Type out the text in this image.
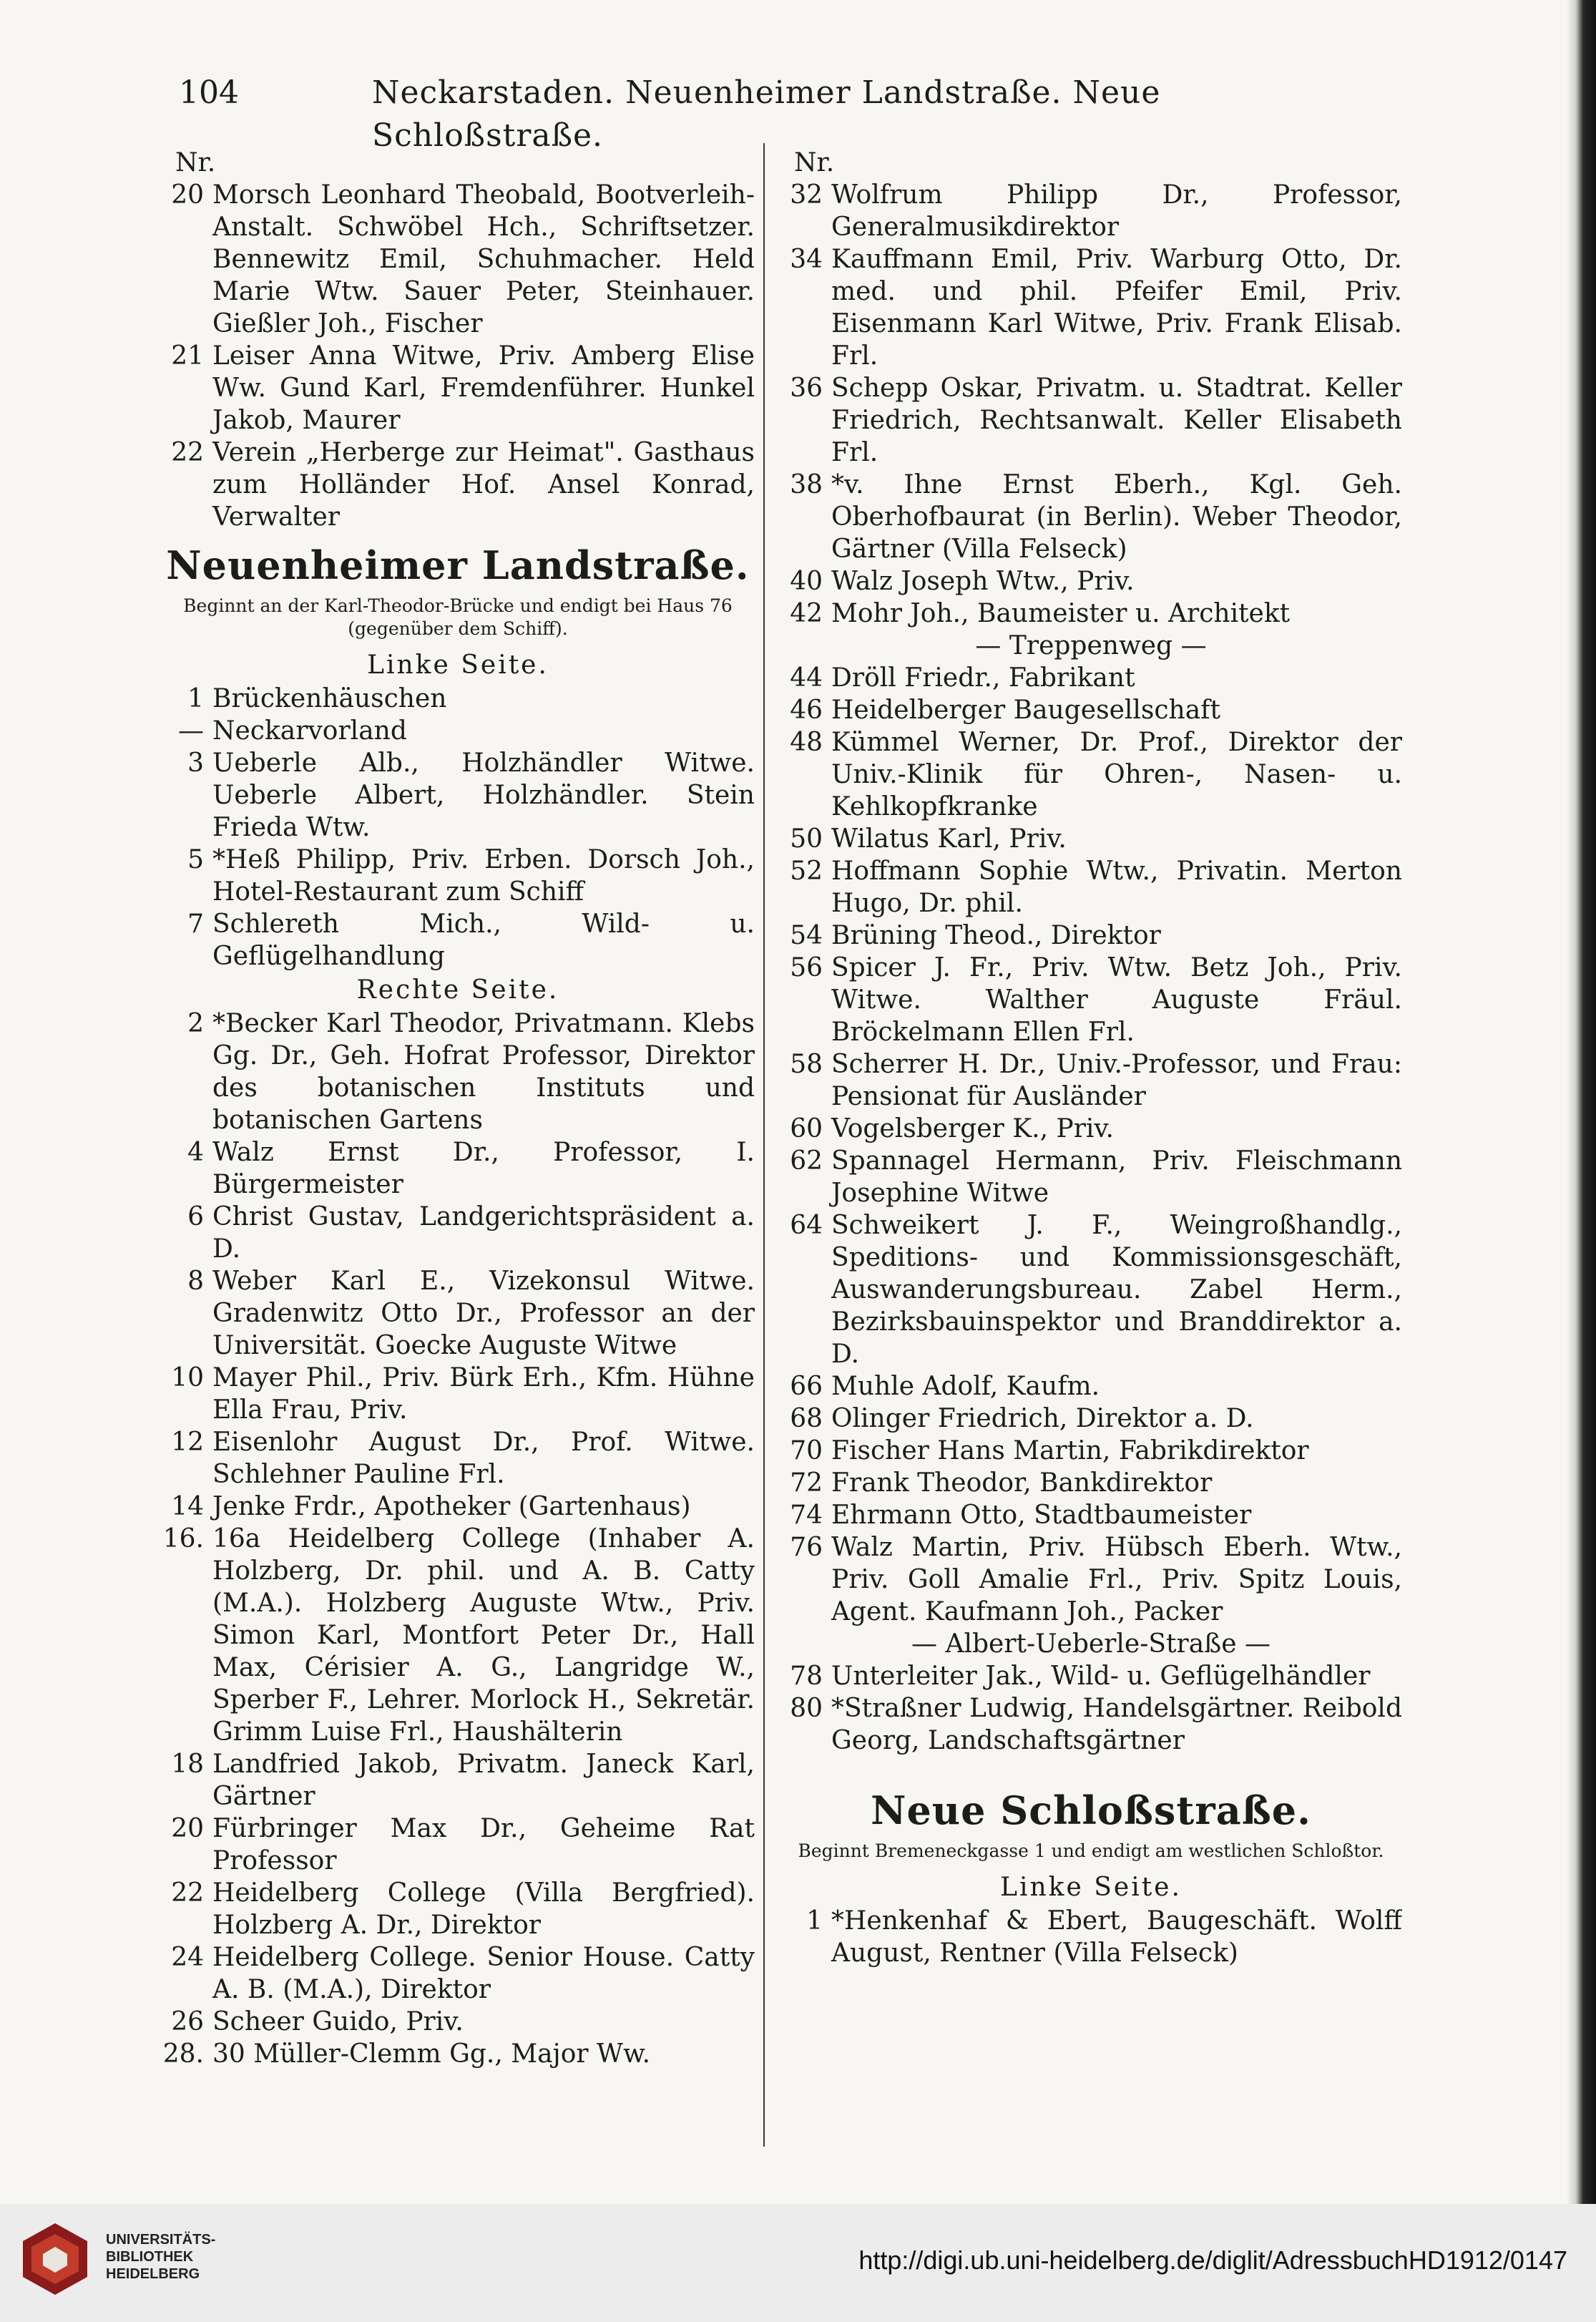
104	Neckarstaden. Neuenheimer Landstraße. Neue Schloßstraße.
Nr.
20 Morsch Leonhard Theobald, Bootverleih-Anstalt. Schwöbel Hch., Schriftsetzer. Bennewitz Emil, Schuhmacher. Held Marie Wtw. Sauer Peter, Steinhauer. Gießler Joh., Fischer
21 Leiser Anna Witwe, Priv. Amberg Elise Ww. Gund Karl, Fremdenführer. Hunkel Jakob, Maurer
22 Verein „Herberge zur Heimat". Gasthaus zum Holländer Hof. Ansel Konrad, Verwalter
Neuenheimer Landstraße.
Beginnt an der Karl-Theodor-Brücke und endigt bei Haus 76 (gegenüber dem Schiff).
Linke Seite.
1 Brückenhäuschen
— Neckarvorland
3 Ueberle Alb., Holzhändler Witwe. Ueberle Albert, Holzhändler. Stein Frieda Wtw.
5 *Heß Philipp, Priv. Erben. Dorsch Joh., Hotel-Restaurant zum Schiff
7 Schlereth Mich., Wild- u. Geflügelhandlung
Rechte Seite.
2 *Becker Karl Theodor, Privatmann. Klebs Gg. Dr., Geh. Hofrat Professor, Direktor des botanischen Instituts und botanischen Gartens
4 Walz Ernst Dr., Professor, I. Bürgermeister
6 Christ Gustav, Landgerichtspräsident a. D.
8 Weber Karl E., Vizekonsul Witwe. Gradenwitz Otto Dr., Professor an der Universität. Goecke Auguste Witwe
10 Mayer Phil., Priv. Bürk Erh., Kfm. Hühne Ella Frau, Priv.
12 Eisenlohr August Dr., Prof. Witwe. Schlehner Pauline Frl.
14 Jenke Frdr., Apotheker (Gartenhaus)
16. 16a Heidelberg College (Inhaber A. Holzberg, Dr. phil. und A. B. Catty (M.A.). Holzberg Auguste Wtw., Priv. Simon Karl, Montfort Peter Dr., Hall Max, Cérisier A. G., Langridge W., Sperber F., Lehrer. Morlock H., Sekretär. Grimm Luise Frl., Haushälterin
18 Landfried Jakob, Privatm. Janeck Karl, Gärtner
20 Fürbringer Max Dr., Geheime Rat Professor
22 Heidelberg College (Villa Bergfried). Holzberg A. Dr., Direktor
24 Heidelberg College. Senior House. Catty A. B. (M.A.), Direktor
26 Scheer Guido, Priv.
28. 30 Müller-Clemm Gg., Major Ww.
Nr.
32 Wolfrum Philipp Dr., Professor, Generalmusikdirektor
34 Kauffmann Emil, Priv. Warburg Otto, Dr. med. und phil. Pfeifer Emil, Priv. Eisenmann Karl Witwe, Priv. Frank Elisab. Frl.
36 Schepp Oskar, Privatm. u. Stadtrat. Keller Friedrich, Rechtsanwalt. Keller Elisabeth Frl.
38 *v. Ihne Ernst Eberh., Kgl. Geh. Oberhofbaurat (in Berlin). Weber Theodor, Gärtner (Villa Felseck)
40 Walz Joseph Wtw., Priv.
42 Mohr Joh., Baumeister u. Architekt
— Treppenweg —
44 Dröll Friedr., Fabrikant
46 Heidelberger Baugesellschaft
48 Kümmel Werner, Dr. Prof., Direktor der Univ.-Klinik für Ohren-, Nasen- u. Kehlkopfkranke
50 Wilatus Karl, Priv.
52 Hoffmann Sophie Wtw., Privatin. Merton Hugo, Dr. phil.
54 Brüning Theod., Direktor
56 Spicer J. Fr., Priv. Wtw. Betz Joh., Priv. Witwe. Walther Auguste Fräul. Bröckelmann Ellen Frl.
58 Scherrer H. Dr., Univ.-Professor, und Frau: Pensionat für Ausländer
60 Vogelsberger K., Priv.
62 Spannagel Hermann, Priv. Fleischmann Josephine Witwe
64 Schweikert J. F., Weingroßhandlg., Speditions- und Kommissionsgeschäft, Auswanderungsbureau. Zabel Herm., Bezirksbauinspektor und Branddirektor a. D.
66 Muhle Adolf, Kaufm.
68 Olinger Friedrich, Direktor a. D.
70 Fischer Hans Martin, Fabrikdirektor
72 Frank Theodor, Bankdirektor
74 Ehrmann Otto, Stadtbaumeister
76 Walz Martin, Priv. Hübsch Eberh. Wtw., Priv. Goll Amalie Frl., Priv. Spitz Louis, Agent. Kaufmann Joh., Packer
— Albert-Ueberle-Straße —
78 Unterleiter Jak., Wild- u. Geflügelhändler
80 *Straßner Ludwig, Handelsgärtner. Reibold Georg, Landschaftsgärtner
Neue Schloßstraße.
Beginnt Bremeneckgasse 1 und endigt am westlichen Schloßtor.
Linke Seite.
1 *Henkenhaf & Ebert, Baugeschäft. Wolff August, Rentner (Villa Felseck)
UNIVERSITÄTS-
BIBLIOTHEK
HEIDELBERG	http://digi.ub.uni-heidelberg.de/diglit/AdressbuchHD1912/0147
